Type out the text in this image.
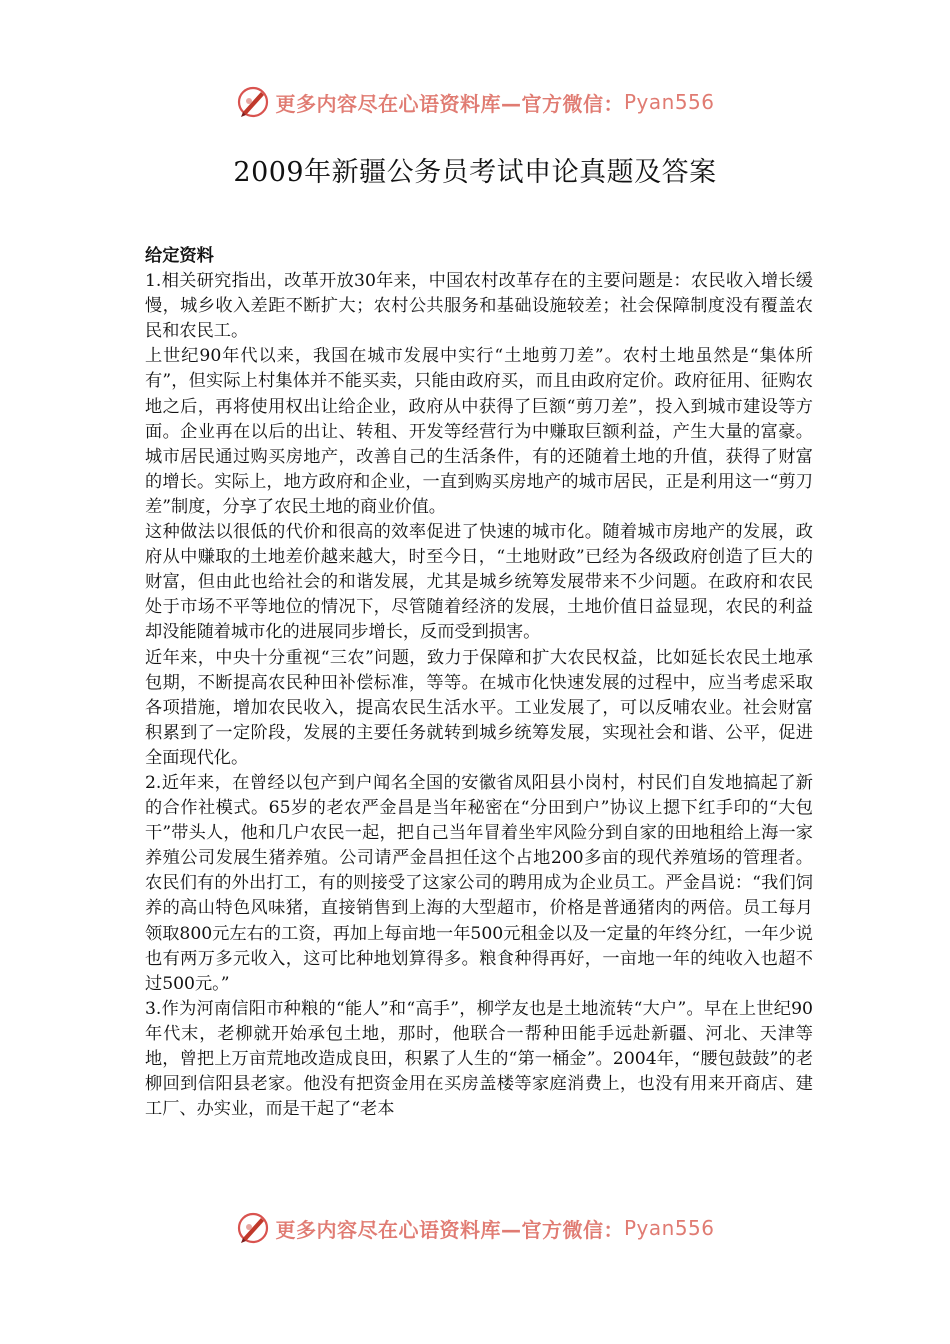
更多内容尽在心语资料库—官方微信： Pyan556
2009年新疆公务员考试申论真题及答案

给定资料

1.相关研究指出，改革开放30年来，中国农村改革存在的主要问题是：农民收入增长缓慢，城乡收入差距不断扩大；农村公共服务和基础设施较差；社会保障制度没有覆盖农民和农民工。

上世纪90年代以来，我国在城市发展中实行“土地剪刀差”。农村土地虽然是“集体所有”，但实际上村集体并不能买卖，只能由政府买，而且由政府定价。政府征用、征购农地之后，再将使用权出让给企业，政府从中获得了巨额“剪刀差”，投入到城市建设等方面。企业再在以后的出让、转租、开发等经营行为中赚取巨额利益，产生大量的富豪。城市居民通过购买房地产，改善自己的生活条件，有的还随着土地的升值，获得了财富的增长。实际上，地方政府和企业，一直到购买房地产的城市居民，正是利用这一“剪刀差”制度，分享了农民土地的商业价值。

这种做法以很低的代价和很高的效率促进了快速的城市化。随着城市房地产的发展，政府从中赚取的土地差价越来越大，时至今日，“土地财政”已经为各级政府创造了巨大的财富，但由此也给社会的和谐发展，尤其是城乡统筹发展带来不少问题。在政府和农民处于市场不平等地位的情况下，尽管随着经济的发展，土地价值日益显现，农民的利益却没能随着城市化的进展同步增长，反而受到损害。

近年来，中央十分重视“三农”问题，致力于保障和扩大农民权益，比如延长农民土地承包期，不断提高农民种田补偿标准，等等。在城市化快速发展的过程中，应当考虑采取各项措施，增加农民收入，提高农民生活水平。工业发展了，可以反哺农业。社会财富积累到了一定阶段，发展的主要任务就转到城乡统筹发展，实现社会和谐、公平，促进全面现代化。

2.近年来，在曾经以包产到户闻名全国的安徽省凤阳县小岗村，村民们自发地搞起了新的合作社模式。65岁的老农严金昌是当年秘密在“分田到户”协议上摁下红手印的“大包干”带头人，他和几户农民一起，把自己当年冒着坐牢风险分到自家的田地租给上海一家养殖公司发展生猪养殖。公司请严金昌担任这个占地200多亩的现代养殖场的管理者。农民们有的外出打工，有的则接受了这家公司的聘用成为企业员工。严金昌说：“我们饲养的高山特色风味猪，直接销售到上海的大型超市，价格是普通猪肉的两倍。员工每月领取800元左右的工资，再加上每亩地一年500元租金以及一定量的年终分红，一年少说也有两万多元收入，这可比种地划算得多。粮食种得再好，一亩地一年的纯收入也超不过500元。”

3.作为河南信阳市种粮的“能人”和“高手”，柳学友也是土地流转“大户”。早在上世纪90年代末，老柳就开始承包土地，那时，他联合一帮种田能手远赴新疆、河北、天津等地，曾把上万亩荒地改造成良田，积累了人生的“第一桶金”。2004年，“腰包鼓鼓”的老柳回到信阳县老家。他没有把资金用在买房盖楼等家庭消费上，也没有用来开商店、建工厂、办实业，而是干起了“老本

更多内容尽在心语资料库—官方微信： Pyan556
